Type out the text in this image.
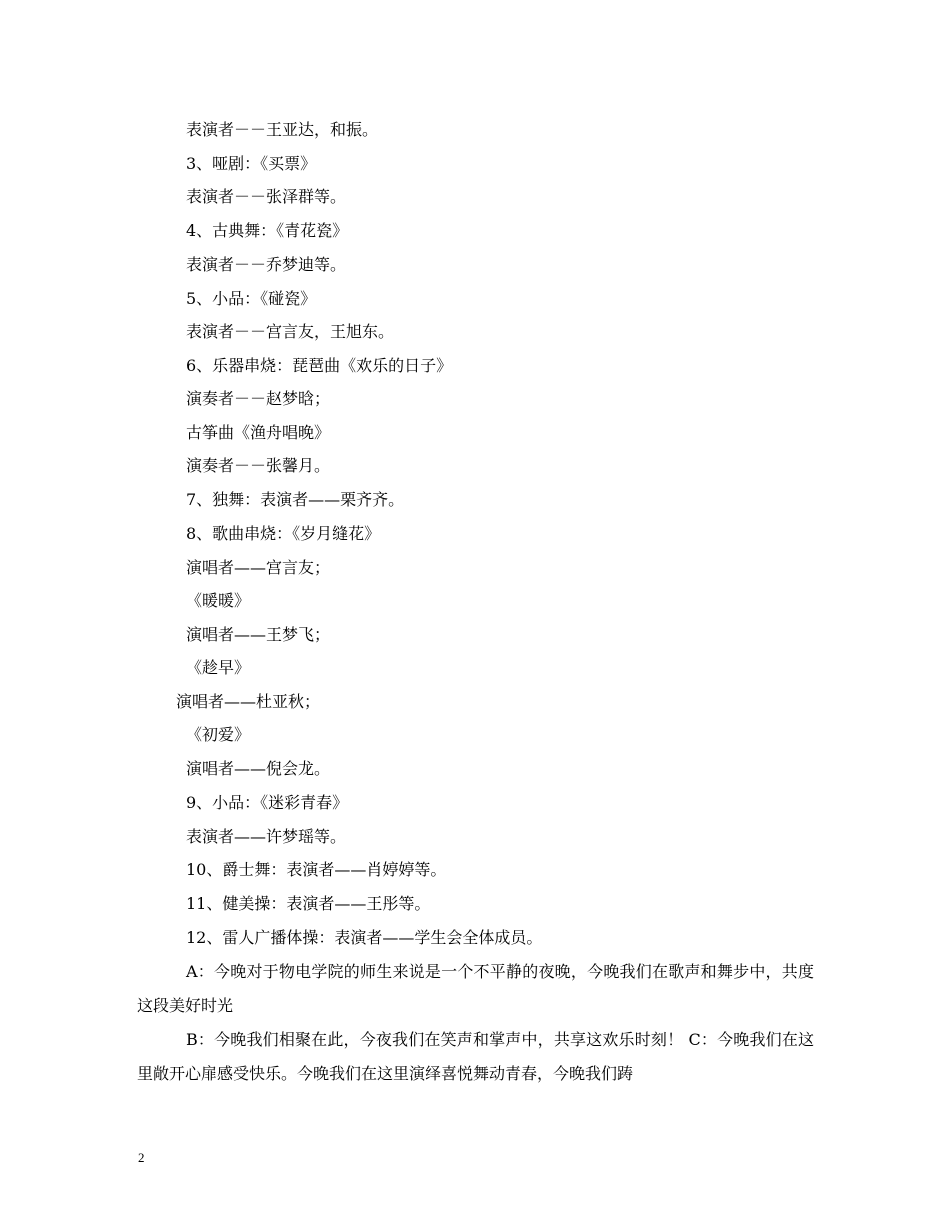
表演者－－王亚达，和振。
3、哑剧：《买票》
表演者－－张泽群等。
4、古典舞：《青花瓷》
表演者－－乔梦迪等。
5、小品：《碰瓷》
表演者－－宫言友，王旭东。
6、乐器串烧：琵琶曲《欢乐的日子》
演奏者－－赵梦晗；
古筝曲《渔舟唱晚》
演奏者－－张馨月。
7、独舞：表演者——栗齐齐。
8、歌曲串烧：《岁月缝花》
演唱者——宫言友；
《暖暖》
演唱者——王梦飞；
《趁早》
演唱者——杜亚秋；
《初爱》
演唱者——倪会龙。
9、小品：《迷彩青春》
表演者——许梦瑶等。
10、爵士舞：表演者——肖婷婷等。
11、健美操：表演者——王彤等。
12、雷人广播体操：表演者——学生会全体成员。
A：今晚对于物电学院的师生来说是一个不平静的夜晚，今晚我们在歌声和舞步中，共度这段美好时光
B：今晚我们相聚在此，今夜我们在笑声和掌声中，共享这欢乐时刻！ C：今晚我们在这里敞开心扉感受快乐。今晚我们在这里演绎喜悦舞动青春，今晚我们踌
2
